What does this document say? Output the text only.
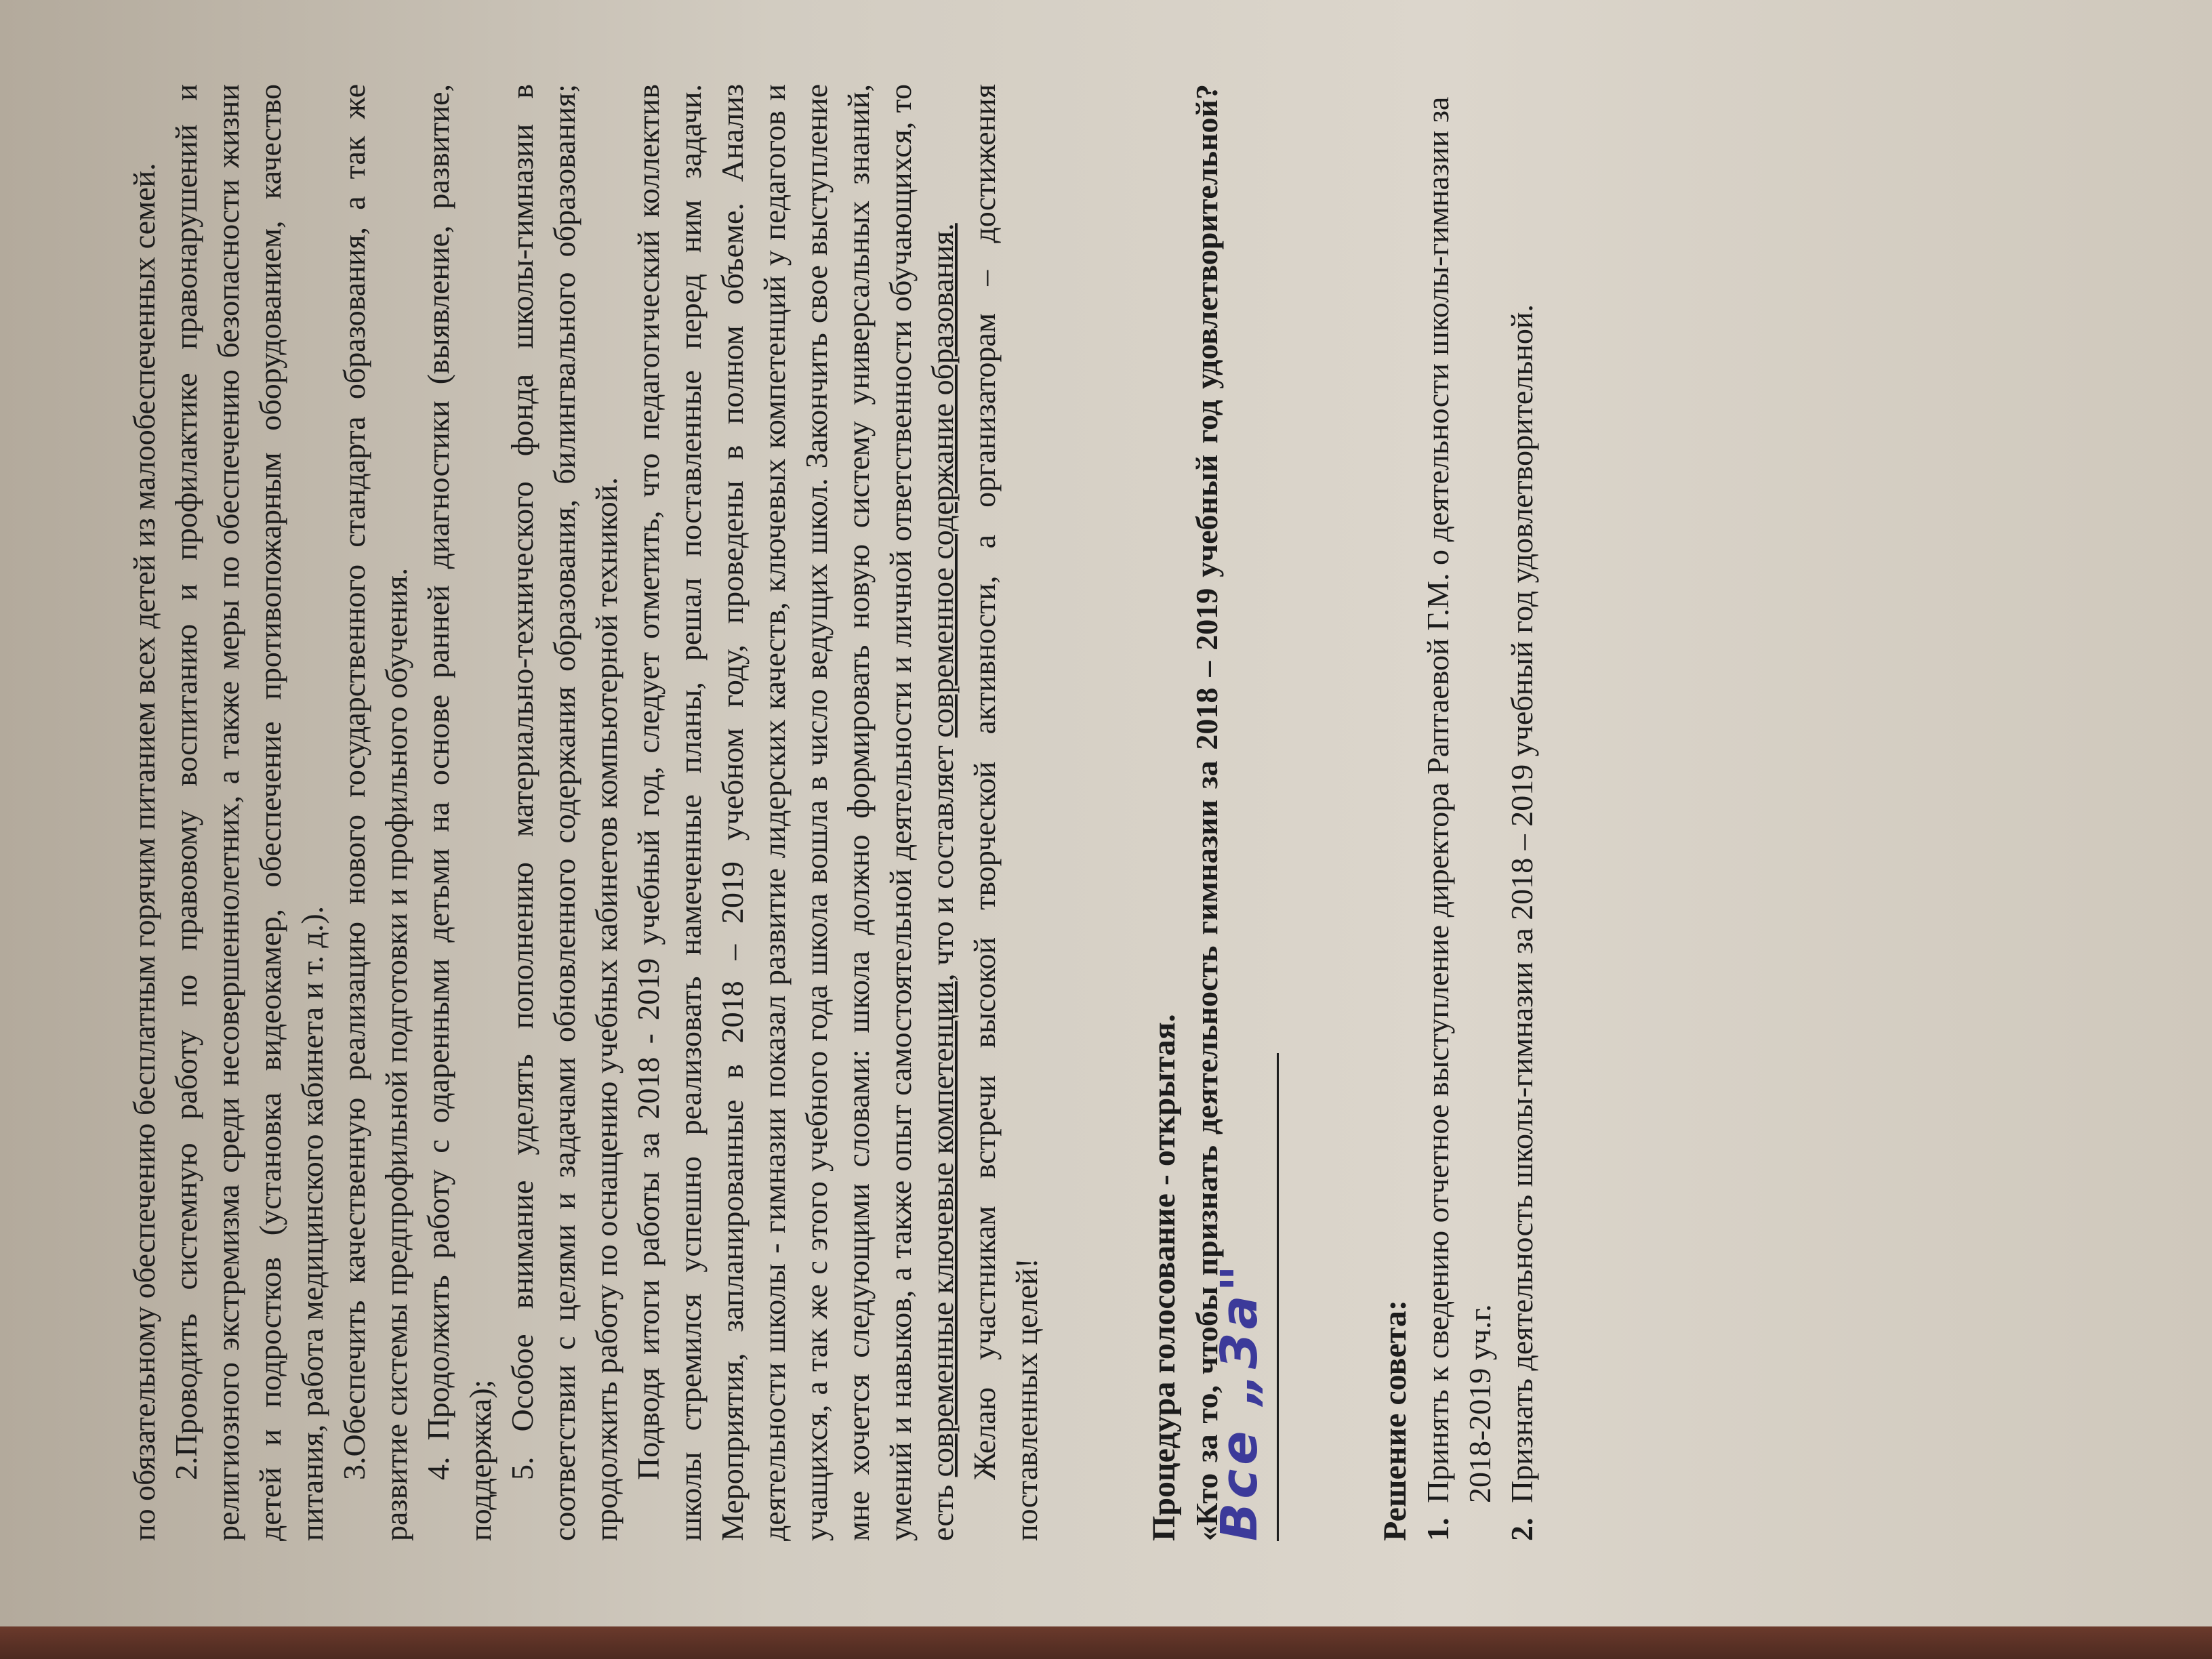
по обязательному обеспечению бесплатным горячим питанием всех детей из малообеспеченных семей. 2.Проводить системную работу по правовому воспитанию и профилактике правонарушений и религиозного экстремизма среди несовершеннолетних, а также меры по обеспечению безопасности жизни детей и подростков (установка видеокамер, обеспечение противопожарным оборудованием, качество питания, работа медицинского кабинета и т. д.). 3.Обеспечить качественную реализацию нового государственного стандарта образования, а так же развитие системы предпрофильной подготовки и профильного обучения. 4. Продолжить работу с одаренными детьми на основе ранней диагностики (выявление, развитие, поддержка); 5. Особое внимание уделять пополнению материально-технического фонда школы-гимназии в соответствии с целями и задачами обновленного содержания образования, билингвального образования; продолжить работу по оснащению учебных кабинетов компьютерной техникой. Подводя итоги работы за 2018 - 2019 учебный год, следует отметить, что педагогический коллектив школы стремился успешно реализовать намеченные планы, решал поставленные перед ним задачи. Мероприятия, запланированные в 2018 – 2019 учебном году, проведены в полном объеме. Анализ деятельности школы - гимназии показал развитие лидерских качеств, ключевых компетенций у педагогов и учащихся, а так же с этого учебного года школа вошла в число ведущих школ. Закончить свое выступление мне хочется следующими словами: школа должно формировать новую систему универсальных знаний, умений и навыков, а также опыт самостоятельной деятельности и личной ответственности обучающихся, то есть современные ключевые компетенции, что и составляет современное содержание образования. Желаю участникам встречи высокой творческой активности, а организаторам – достижения поставленных целей!	Процедура голосование - открытая. «Кто за то, чтобы признать деятельность гимназии за 2018 – 2019 учебный год удовлетворительной?Все „За"	Решение совета: 1.
Принять к сведению отчетное выступление директора Раптаевой Г.М. о деятельности школы-гимназии за 2018-2019 уч.г.
2.
Признать деятельность школы-гимназии за 2018 – 2019 учебный год удовлетворительной.
